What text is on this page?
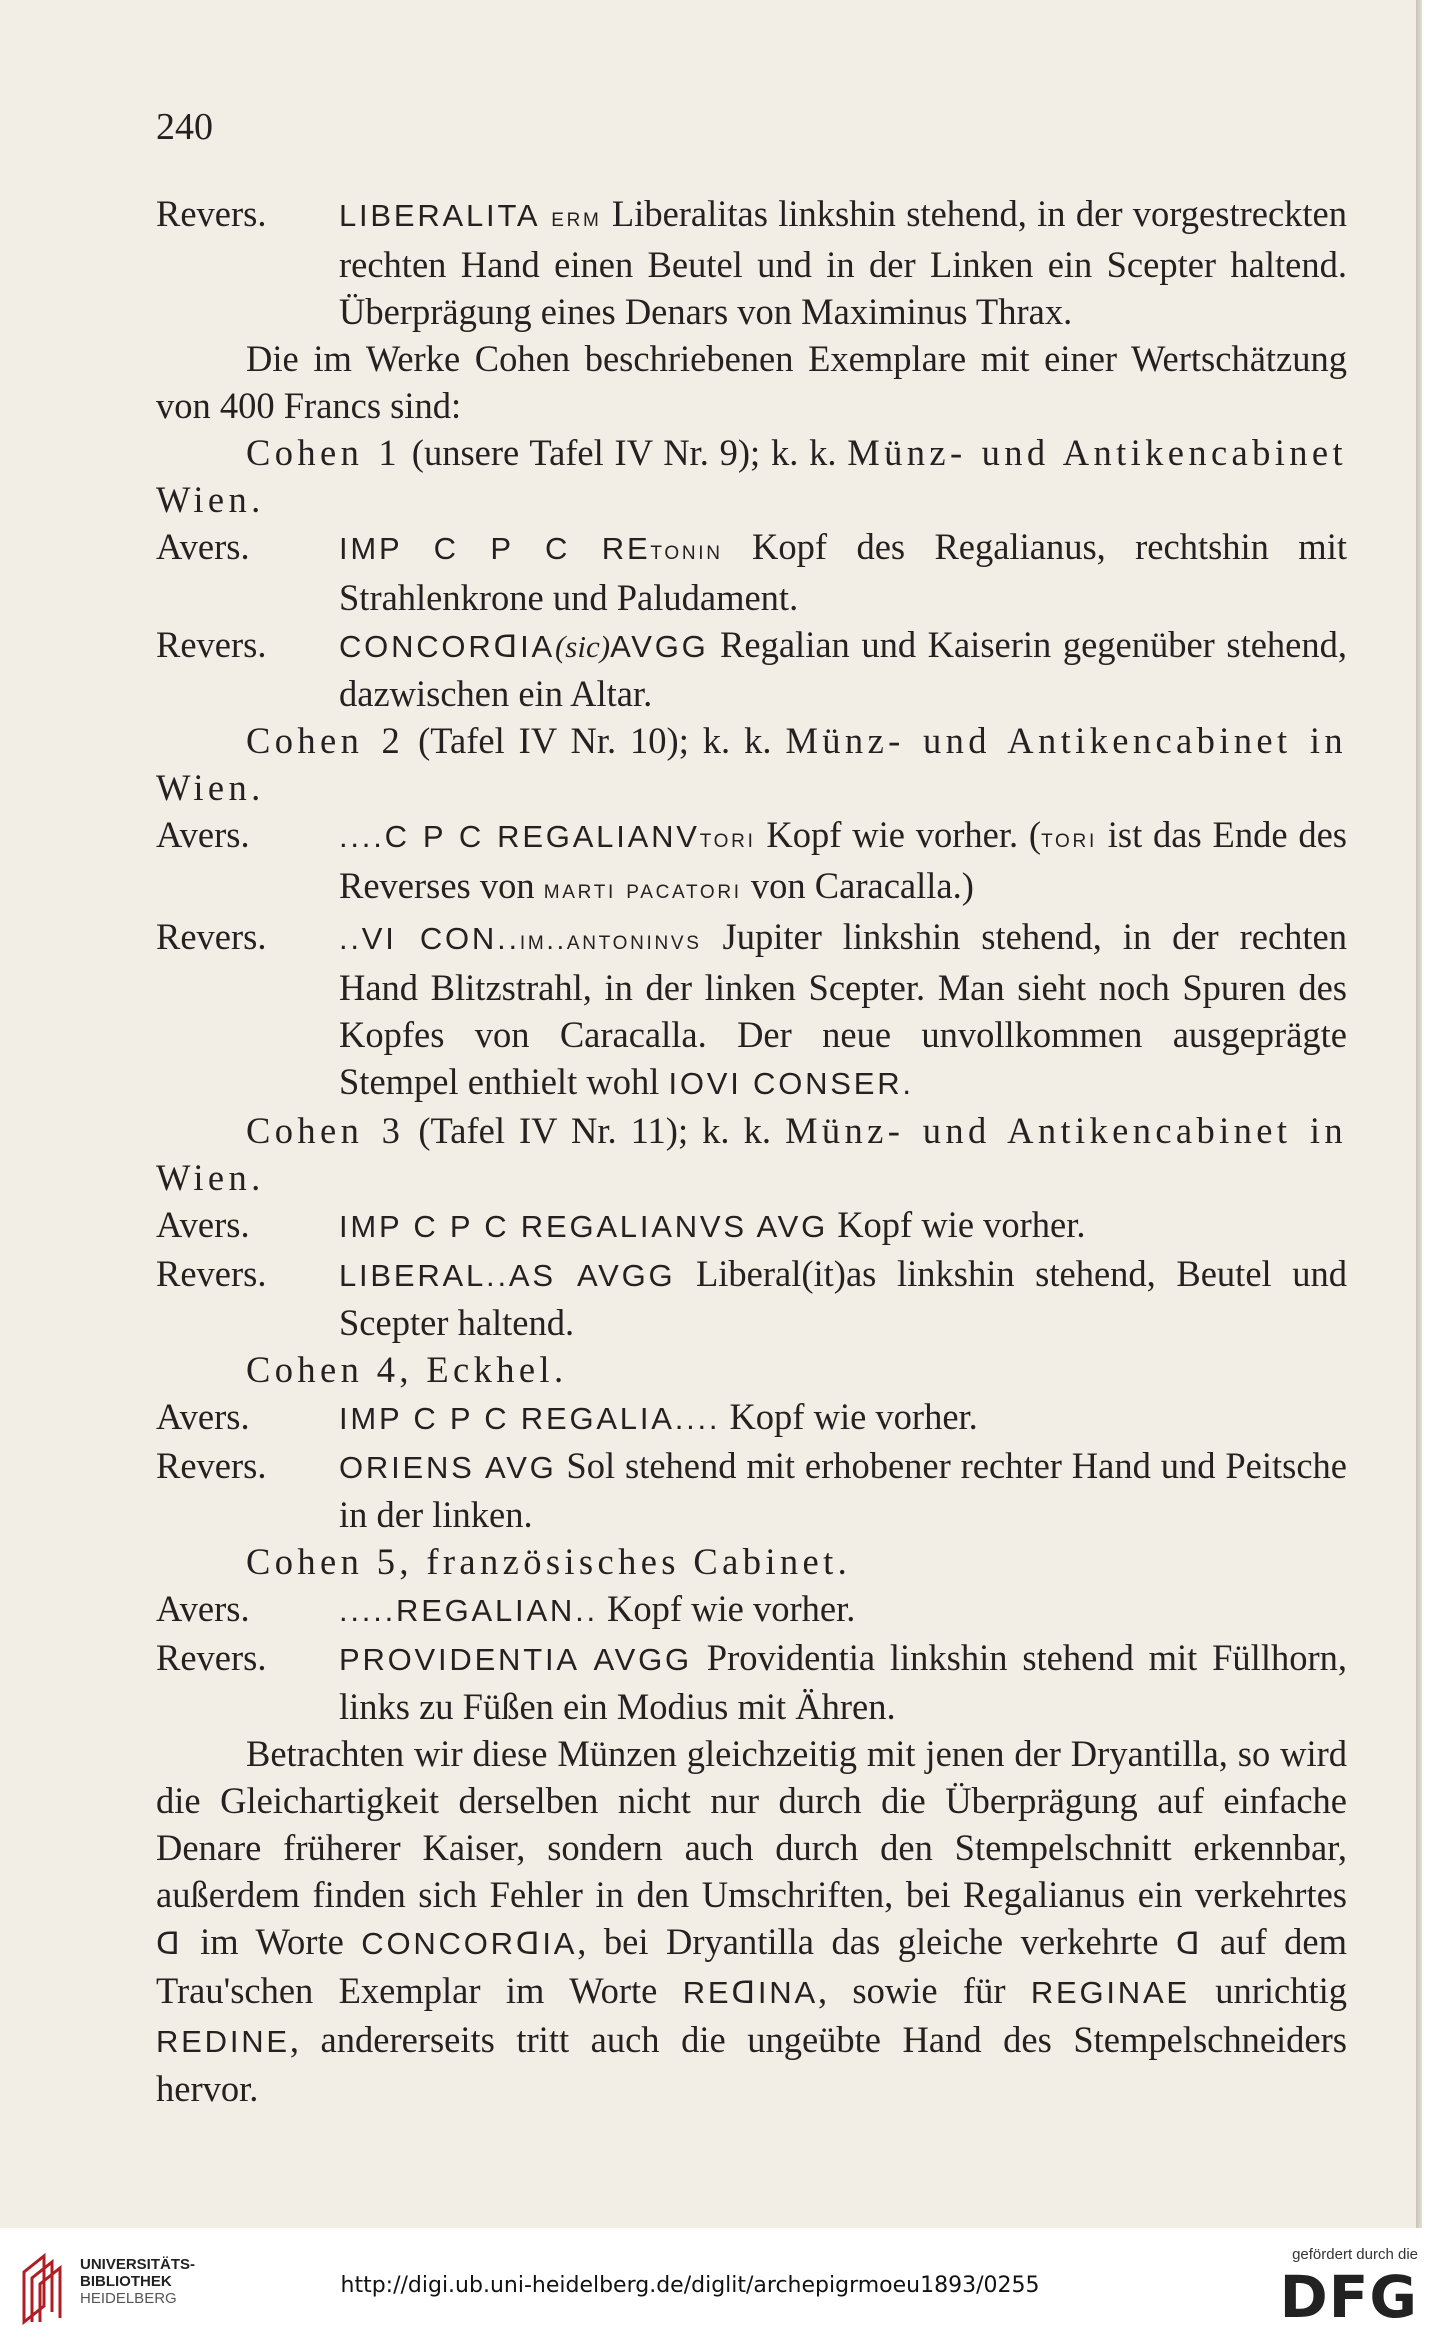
240
Revers.	LIBERALITA erm Liberalitas linkshin stehend, in der vorgestreckten rechten Hand einen Beutel und in der Linken ein Scepter haltend. Überprägung eines Denars von Maximinus Thrax.
Die im Werke Cohen beschriebenen Exemplare mit einer Wertschätzung von 400 Francs sind:
Cohen 1 (unsere Tafel IV Nr. 9); k. k. Münz- und Antikencabinet Wien.
Avers.	IMP C P C REtonin Kopf des Regalianus, rechtshin mit Strahlenkrone und Paludament.
Revers.	CONCORᗡIA(sic)AVGG Regalian und Kaiserin gegenüber stehend, dazwischen ein Altar.
Cohen 2 (Tafel IV Nr. 10); k. k. Münz- und Antikencabinet in Wien.
Avers.	....C P C REGALIANVtori Kopf wie vorher. (tori ist das Ende des Reverses von marti pacatori von Caracalla.)
Revers.	..VI CON..im..antoninvs Jupiter linkshin stehend, in der rechten Hand Blitzstrahl, in der linken Scepter. Man sieht noch Spuren des Kopfes von Caracalla. Der neue unvollkommen ausgeprägte Stempel enthielt wohl IOVI CONSER.
Cohen 3 (Tafel IV Nr. 11); k. k. Münz- und Antikencabinet in Wien.
Avers.	IMP C P C REGALIANVS AVG Kopf wie vorher.
Revers.	LIBERAL..AS AVGG Liberal(it)as linkshin stehend, Beutel und Scepter haltend.
Cohen 4, Eckhel.
Avers.	IMP C P C REGALIA.... Kopf wie vorher.
Revers.	ORIENS AVG Sol stehend mit erhobener rechter Hand und Peitsche in der linken.
Cohen 5, französisches Cabinet.
Avers.	.....REGALIAN.. Kopf wie vorher.
Revers.	PROVIDENTIA AVGG Providentia linkshin stehend mit Füllhorn, links zu Füßen ein Modius mit Ähren.
Betrachten wir diese Münzen gleichzeitig mit jenen der Dryantilla, so wird die Gleichartigkeit derselben nicht nur durch die Überprägung auf einfache Denare früherer Kaiser, sondern auch durch den Stempelschnitt erkennbar, außerdem finden sich Fehler in den Umschriften, bei Regalianus ein verkehrtes ᗡ im Worte CONCORᗡIA, bei Dryantilla das gleiche verkehrte ᗡ auf dem Trau'schen Exemplar im Worte REᗡINA, sowie für REGINAE unrichtig REDINE, andererseits tritt auch die ungeübte Hand des Stempelschneiders hervor.
UNIVERSITÄTS-
BIBLIOTHEK
HEIDELBERG
http://digi.ub.uni-heidelberg.de/diglit/archepigrmoeu1893/0255
gefördert durch die
DFG
